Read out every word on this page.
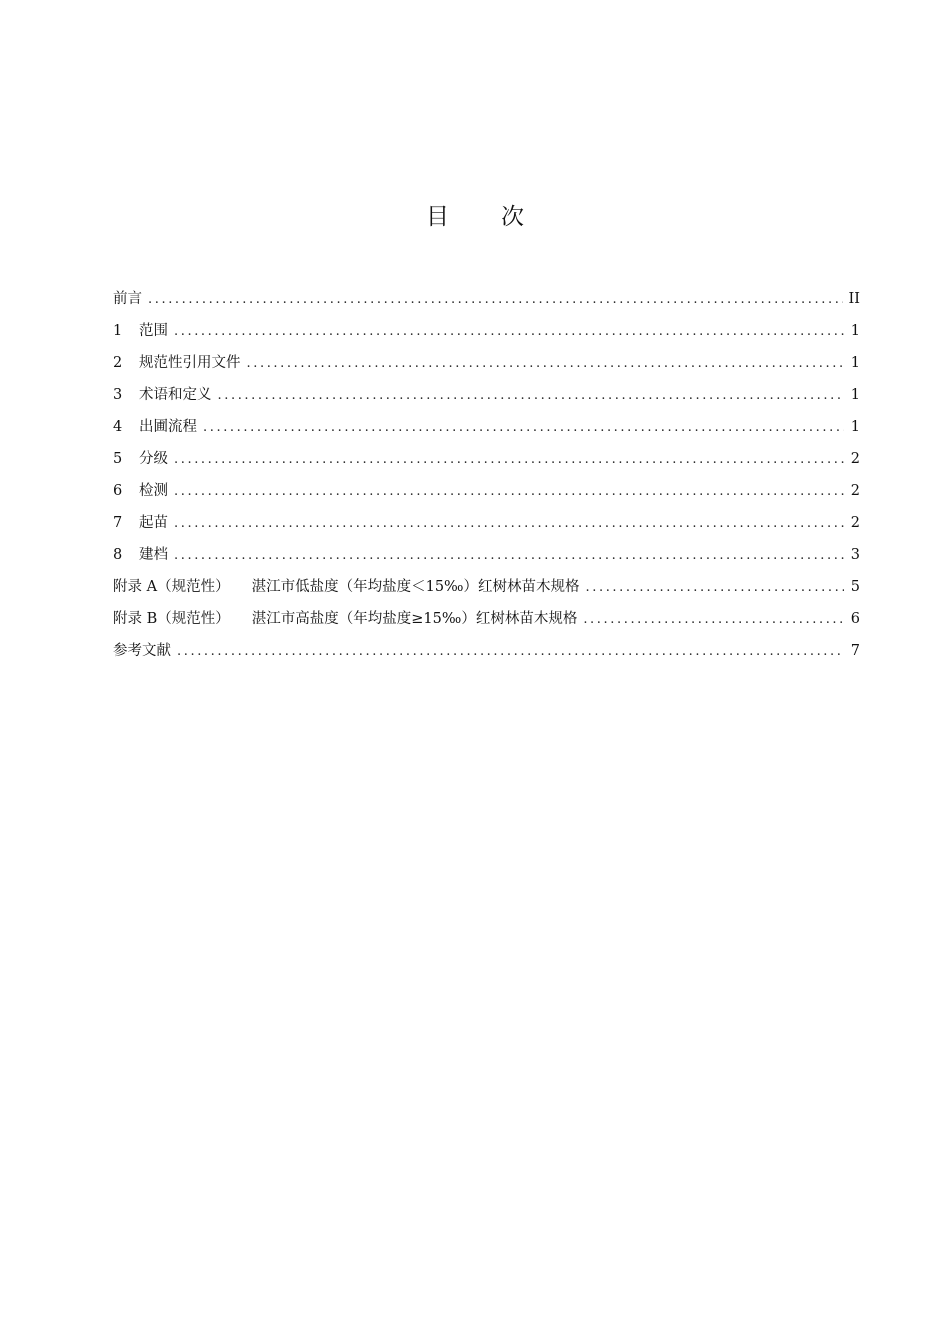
目 次
前言 .....	II
1	范围 .....	1
2	规范性引用文件 .....	1
3	术语和定义 .....	1
4	出圃流程 .....	1
5	分级 .....	2
6	检测 .....	2
7	起苗 .....	2
8	建档 .....	3
附录 A（规范性） 湛江市低盐度（年均盐度＜15‰）红树林苗木规格 .....	5
附录 B（规范性） 湛江市高盐度（年均盐度≥15‰）红树林苗木规格 .....	6
参考文献 .....	7
